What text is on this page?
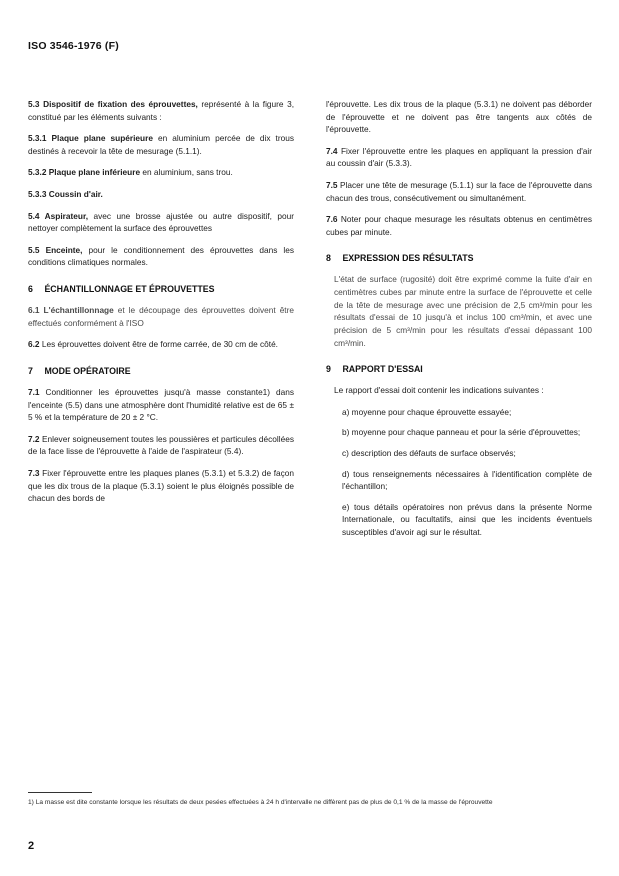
ISO 3546-1976 (F)
5.3 Dispositif de fixation des éprouvettes, représenté à la figure 3, constitué par les éléments suivants :
5.3.1 Plaque plane supérieure en aluminium percée de dix trous destinés à recevoir la tête de mesurage (5.1.1).
5.3.2 Plaque plane inférieure en aluminium, sans trou.
5.3.3 Coussin d'air.
5.4 Aspirateur, avec une brosse ajustée ou autre dispositif, pour nettoyer complètement la surface des éprouvettes
5.5 Enceinte, pour le conditionnement des éprouvettes dans les conditions climatiques normales.
6 ÉCHANTILLONNAGE ET ÉPROUVETTES
6.1 L'échantillonnage et le découpage des éprouvettes doivent être effectués conformément à l'ISO
6.2 Les éprouvettes doivent être de forme carrée, de 30 cm de côté.
7 MODE OPÉRATOIRE
7.1 Conditionner les éprouvettes jusqu'à masse constante1) dans l'enceinte (5.5) dans une atmosphère dont l'humidité relative est de 65 ± 5 % et la température de 20 ± 2 °C.
7.2 Enlever soigneusement toutes les poussières et particules décollées de la face lisse de l'éprouvette à l'aide de l'aspirateur (5.4).
7.3 Fixer l'éprouvette entre les plaques planes (5.3.1) et 5.3.2) de façon que les dix trous de la plaque (5.3.1) soient le plus éloignés possible de chacun des bords de
l'éprouvette. Les dix trous de la plaque (5.3.1) ne doivent pas déborder de l'éprouvette et ne doivent pas être tangents aux côtés de l'éprouvette.
7.4 Fixer l'éprouvette entre les plaques en appliquant la pression d'air au coussin d'air (5.3.3).
7.5 Placer une tête de mesurage (5.1.1) sur la face de l'éprouvette dans chacun des trous, consécutivement ou simultanément.
7.6 Noter pour chaque mesurage les résultats obtenus en centimètres cubes par minute.
8 EXPRESSION DES RÉSULTATS
L'état de surface (rugosité) doit être exprimé comme la fuite d'air en centimètres cubes par minute entre la surface de l'éprouvette et celle de la tête de mesurage avec une précision de 2,5 cm³/min pour les résultats d'essai de 10 jusqu'à et inclus 100 cm³/min, et avec une précision de 5 cm³/min pour les résultats d'essai dépassant 100 cm³/min.
9 RAPPORT D'ESSAI
Le rapport d'essai doit contenir les indications suivantes :
a) moyenne pour chaque éprouvette essayée;
b) moyenne pour chaque panneau et pour la série d'éprouvettes;
c) description des défauts de surface observés;
d) tous renseignements nécessaires à l'identification complète de l'échantillon;
e) tous détails opératoires non prévus dans la présente Norme Internationale, ou facultatifs, ainsi que les incidents éventuels susceptibles d'avoir agi sur le résultat.
1) La masse est dite constante lorsque les résultats de deux pesées effectuées à 24 h d'intervalle ne diffèrent pas de plus de 0,1 % de la masse de l'éprouvette
2
